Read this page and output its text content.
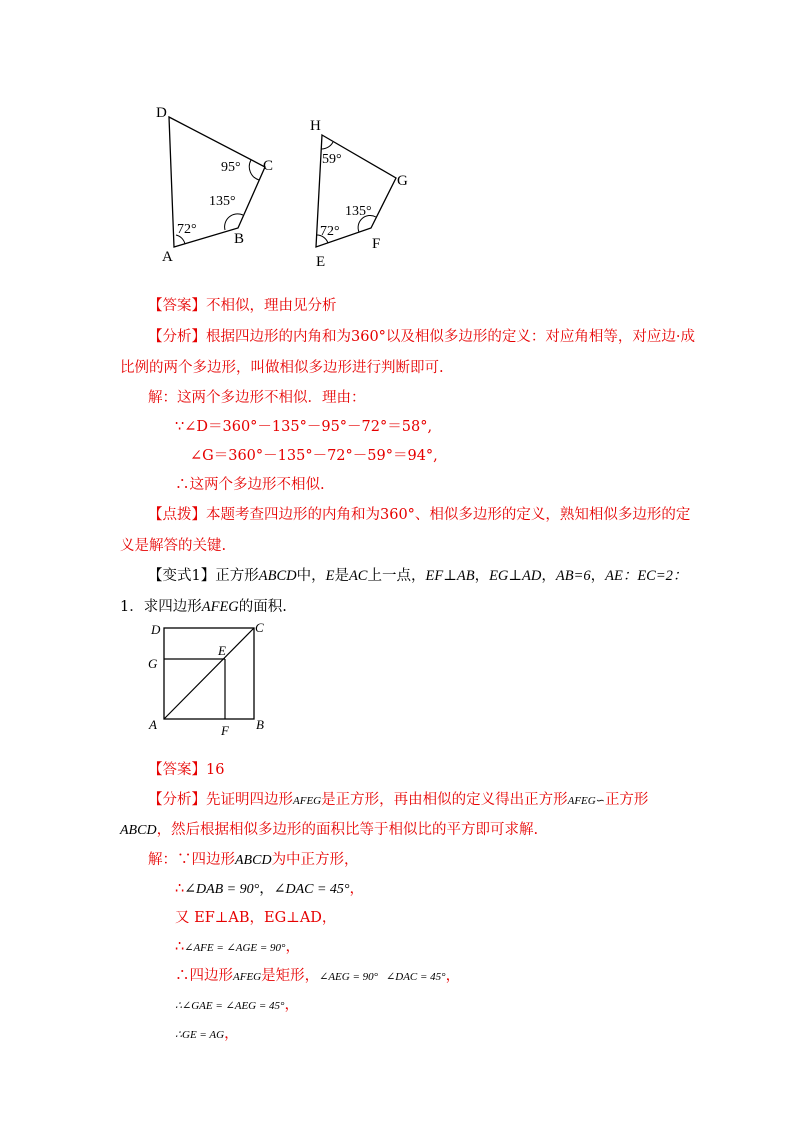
D
C
B
A
95°
135°
72°
H
G
F
E
59°
135°
72°
【答案】不相似，理由见分析
【分析】根据四边形的内角和为360°以及相似多边形的定义：对应角相等，对应边·成
比例的两个多边形，叫做相似多边形进行判断即可.
解：这两个多边形不相似．理由：
∵∠D＝360°－135°－95°－72°＝58°,
∠G＝360°－135°－72°－59°＝94°,
∴这两个多边形不相似.
【点拨】本题考查四边形的内角和为360°、相似多边形的定义，熟知相似多边形的定
义是解答的关键.
【变式1】正方形ABCD中，E是AC上一点，EF⊥AB，EG⊥AD，AB=6，AE：EC=2：
1．求四边形AFEG的面积.
D	C
G
E
A	F B
【答案】16
【分析】先证明四边形AFEG是正方形，再由相似的定义得出正方形AFEG∽正方形
ABCD，然后根据相似多边形的面积比等于相似比的平方即可求解.
解：∵四边形ABCD为中正方形，
∴∠DAB = 90°，∠DAC = 45°，
又 EF⊥AB，EG⊥AD，
∴∠AFE = ∠AGE = 90°，
∴四边形AFEG是矩形，∠AEG = 90° ∠DAC = 45°，
∴∠GAE = ∠AEG = 45°，
∴GE = AG，
